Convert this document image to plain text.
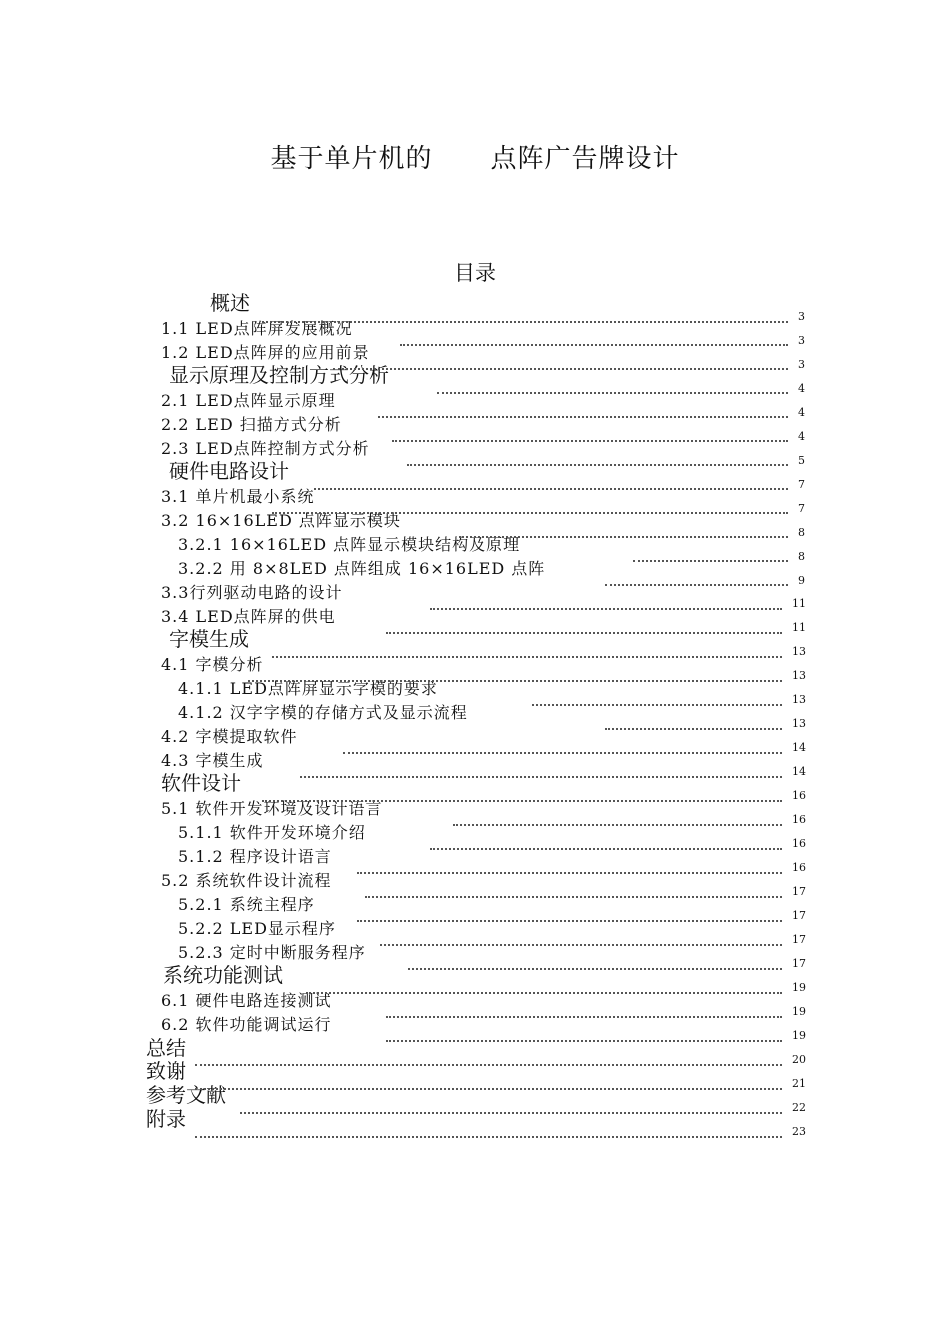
基于单片机的 点阵广告牌设计
目录
概述
1.1 LED点阵屏发展概况
1.2 LED点阵屏的应用前景
显示原理及控制方式分析
2.1 LED点阵显示原理
2.2 LED 扫描方式分析
2.3 LED点阵控制方式分析
硬件电路设计
3.1 单片机最小系统
3.2 16×16LED 点阵显示模块
3.2.1 16×16LED 点阵显示模块结构及原理
3.2.2 用 8×8LED 点阵组成 16×16LED 点阵
3.3行列驱动电路的设计
3.4 LED点阵屏的供电
字模生成
4.1 字模分析
4.1.1 LED点阵屏显示字模的要求
4.1.2 汉字字模的存储方式及显示流程
4.2 字模提取软件
4.3 字模生成
软件设计
5.1 软件开发环境及设计语言
5.1.1 软件开发环境介绍
5.1.2 程序设计语言
5.2 系统软件设计流程
5.2.1 系统主程序
5.2.2 LED显示程序
5.2.3 定时中断服务程序
系统功能测试
6.1 硬件电路连接测试
6.2 软件功能调试运行
总结
致谢
参考文献
附录
3
3
3
4
4
4
5
7
7
8
8
9
11
11
13
13
13
13
14
14
16
16
16
16
17
17
17
17
19
19
19
20
21
22
23
